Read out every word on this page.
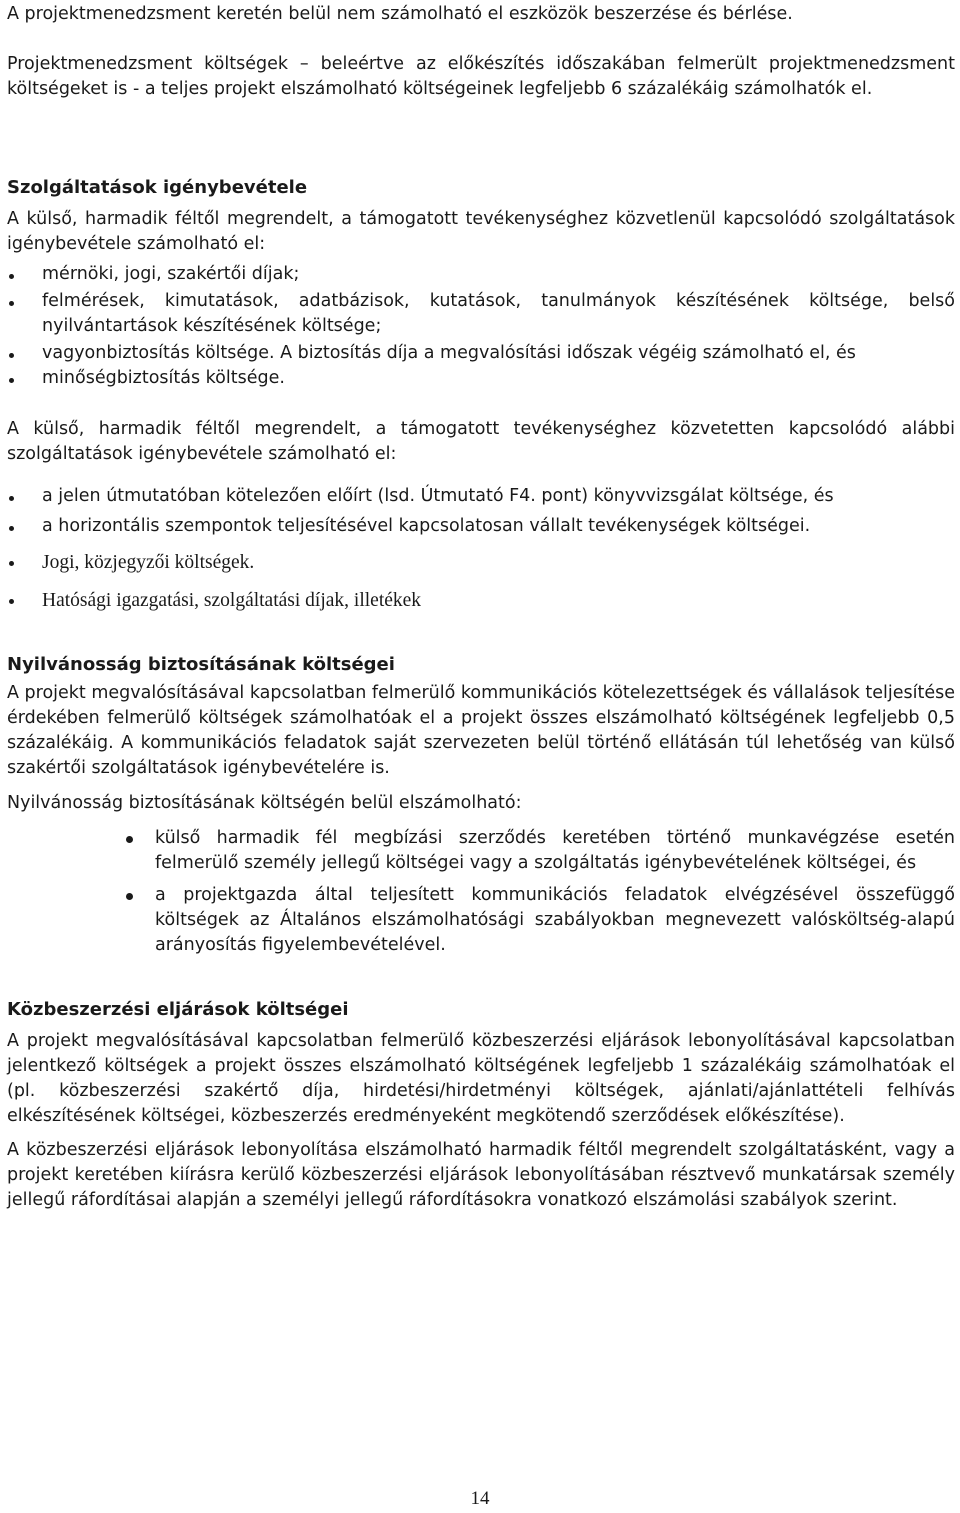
A projektmenedzsment keretén belül nem számolható el eszközök beszerzése és bérlése.

Projektmenedzsment költségek – beleértve az előkészítés időszakában felmerült projektmenedzsment költségeket is - a teljes projekt elszámolható költségeinek legfeljebb 6 százalékáig számolhatók el.

Szolgáltatások igénybevétele

A külső, harmadik féltől megrendelt, a támogatott tevékenységhez közvetlenül kapcsolódó szolgáltatások igénybevétele számolható el:

mérnöki, jogi, szakértői díjak;
felmérések, kimutatások, adatbázisok, kutatások, tanulmányok készítésének költsége, belső nyilvántartások készítésének költsége;
vagyonbiztosítás költsége. A biztosítás díja a megvalósítási időszak végéig számolható el, és
minőségbiztosítás költsége.

A külső, harmadik féltől megrendelt, a támogatott tevékenységhez közvetetten kapcsolódó alábbi szolgáltatások igénybevétele számolható el:

a jelen útmutatóban kötelezően előírt (lsd. Útmutató F4. pont) könyvvizsgálat költsége, és
a horizontális szempontok teljesítésével kapcsolatosan vállalt tevékenységek költségei.
Jogi, közjegyzői költségek.
Hatósági igazgatási, szolgáltatási díjak, illetékek
Nyilvánosság biztosításának költségei

A projekt megvalósításával kapcsolatban felmerülő kommunikációs kötelezettségek és vállalások teljesítése érdekében felmerülő költségek számolhatóak el a projekt összes elszámolható költségének legfeljebb 0,5 százalékáig. A kommunikációs feladatok saját szervezeten belül történő ellátásán túl lehetőség van külső szakértői szolgáltatások igénybevételére is.

Nyilvánosság biztosításának költségén belül elszámolható:

külső harmadik fél megbízási szerződés keretében történő munkavégzése esetén felmerülő személy jellegű költségei vagy a szolgáltatás igénybevételének költségei, és
a projektgazda által teljesített kommunikációs feladatok elvégzésével összefüggő költségek az Általános elszámolhatósági szabályokban megnevezett valósköltség-alapú arányosítás figyelembevételével.
Közbeszerzési eljárások költségei

A projekt megvalósításával kapcsolatban felmerülő közbeszerzési eljárások lebonyolításával kapcsolatban jelentkező költségek a projekt összes elszámolható költségének legfeljebb 1 százalékáig számolhatóak el (pl. közbeszerzési szakértő díja, hirdetési/hirdetményi költségek, ajánlati/ajánlattételi felhívás elkészítésének költségei, közbeszerzés eredményeként megkötendő szerződések előkészítése).

A közbeszerzési eljárások lebonyolítása elszámolható harmadik féltől megrendelt szolgáltatásként, vagy a projekt keretében kiírásra kerülő közbeszerzési eljárások lebonyolításában résztvevő munkatársak személy jellegű ráfordításai alapján a személyi jellegű ráfordításokra vonatkozó elszámolási szabályok szerint.

14
